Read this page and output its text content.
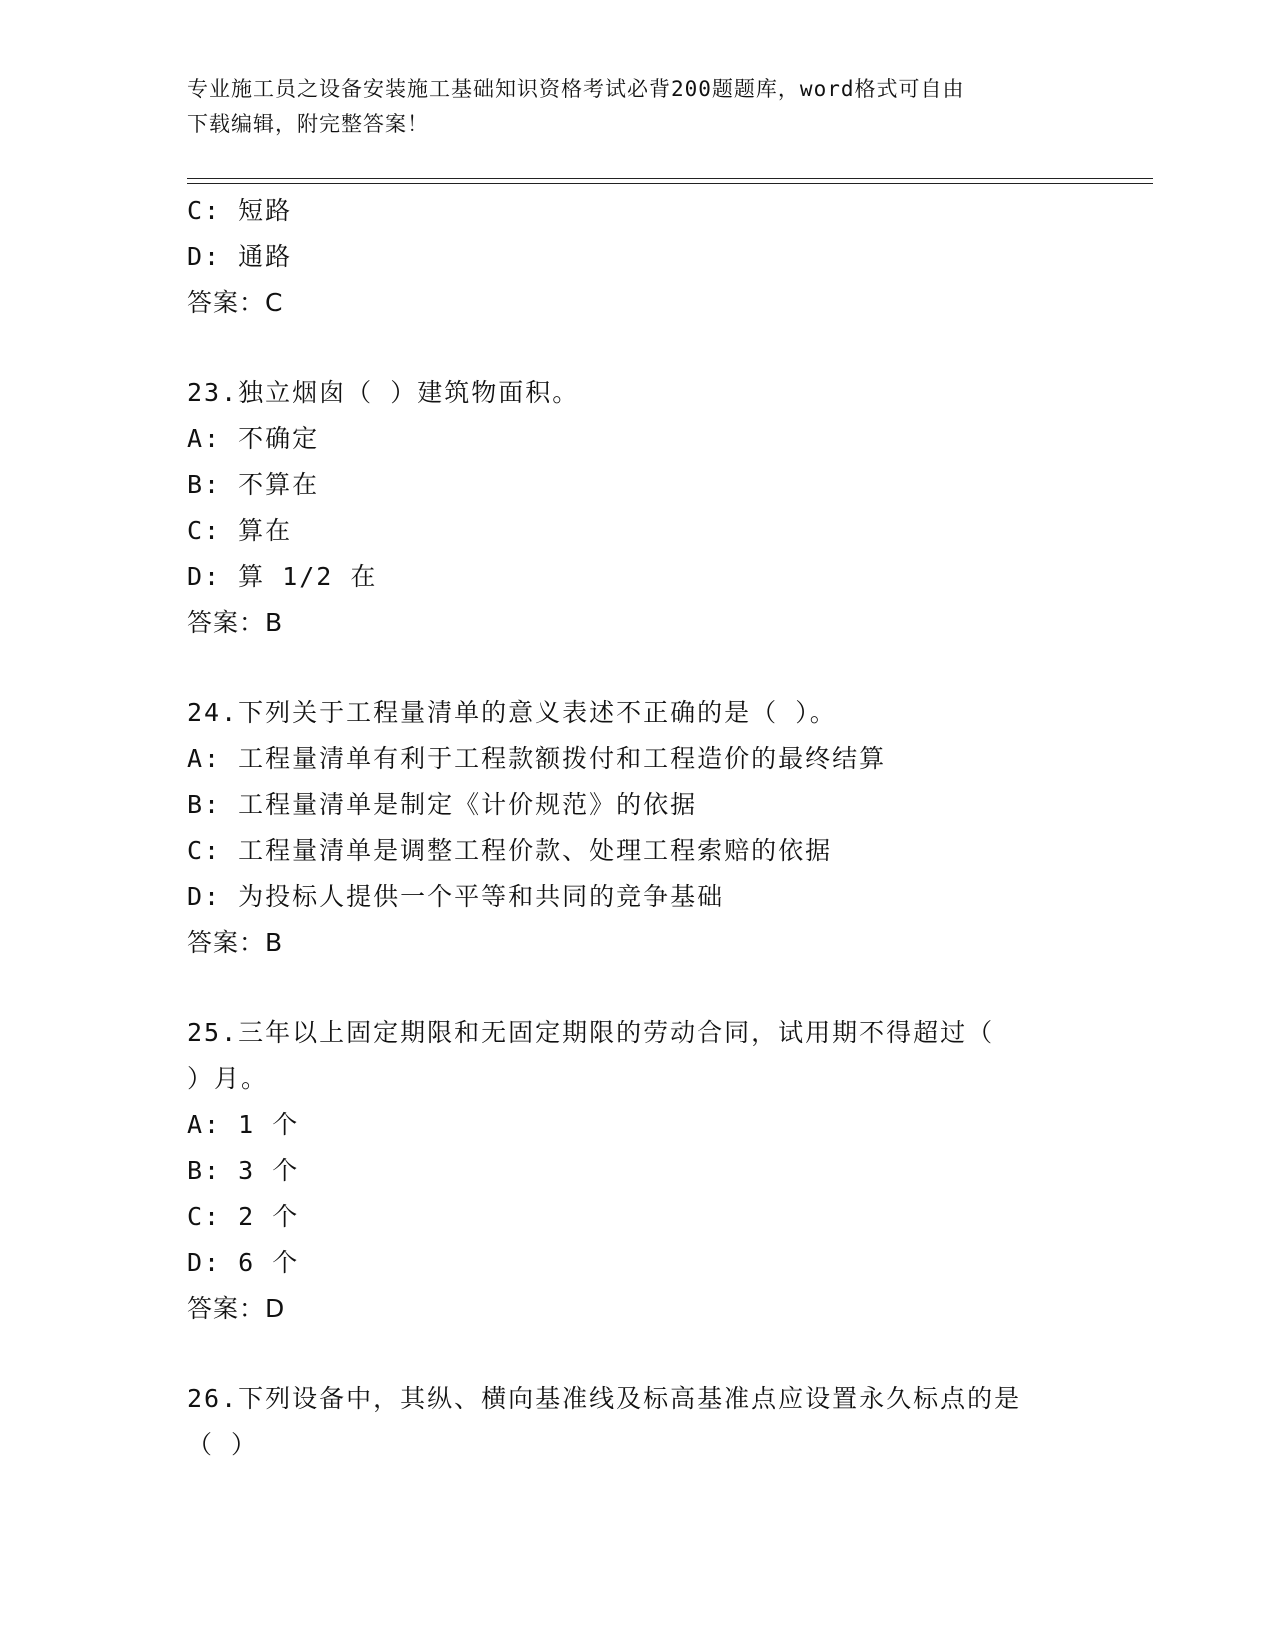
专业施工员之设备安装施工基础知识资格考试必背200题题库，word格式可自由
下载编辑，附完整答案！
C: 短路
D: 通路
答案：C
23.独立烟囱（ ）建筑物面积。
A: 不确定
B: 不算在
C: 算在
D: 算 1/2 在
答案：B
24.下列关于工程量清单的意义表述不正确的是（ ）。
A: 工程量清单有利于工程款额拨付和工程造价的最终结算
B: 工程量清单是制定《计价规范》的依据
C: 工程量清单是调整工程价款、处理工程索赔的依据
D: 为投标人提供一个平等和共同的竞争基础
答案：B
25.三年以上固定期限和无固定期限的劳动合同，试用期不得超过（
）月。
A: 1 个
B: 3 个
C: 2 个
D: 6 个
答案：D
26.下列设备中，其纵、横向基准线及标高基准点应设置永久标点的是
（ ）
